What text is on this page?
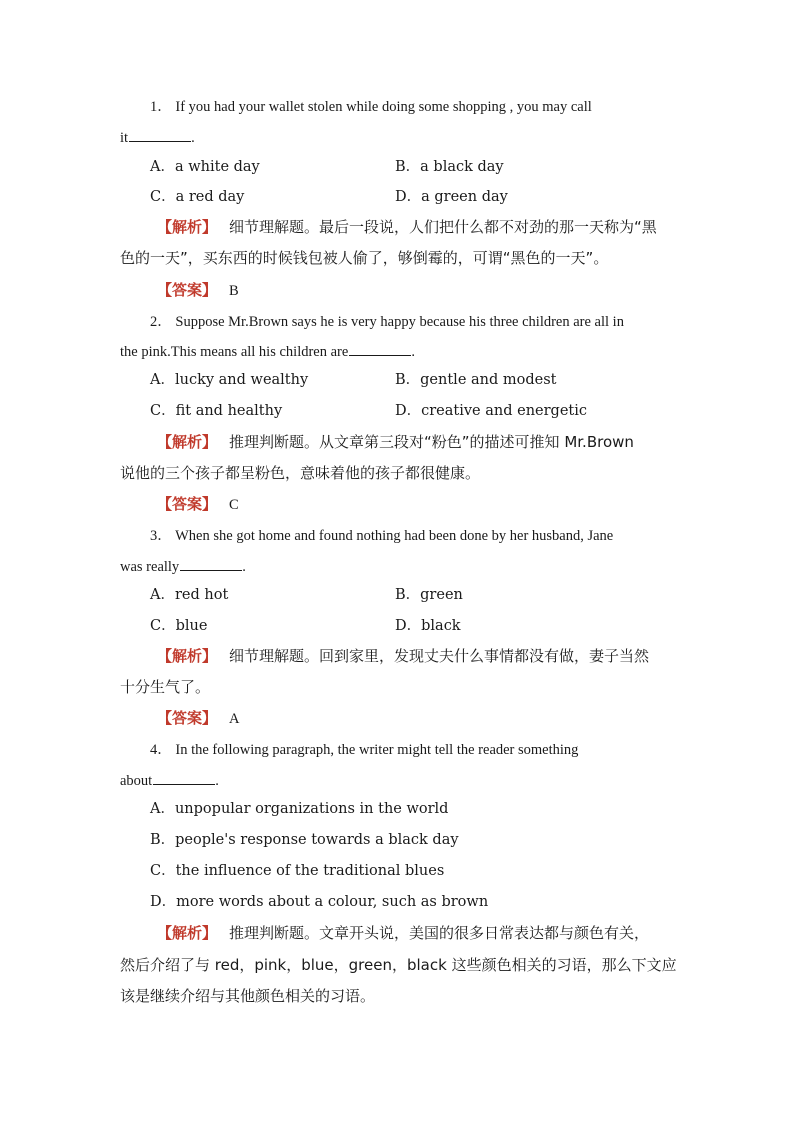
1． If you had your wallet stolen while doing some shopping , you may call
it	.
A．a white day	B．a black day
C．a red day	D．a green day
【解析】 细节理解题。最后一段说，人们把什么都不对劲的那一天称为“黑
色的一天”，买东西的时候钱包被人偷了，够倒霉的，可谓“黑色的一天”。
【答案】 B
2． Suppose Mr.Brown says he is very happy because his three children are all in
the pink.This means all his children are	.
A．lucky and wealthy	B．gentle and modest
C．fit and healthy	D．creative and energetic
【解析】 推理判断题。从文章第三段对“粉色”的描述可推知 Mr.Brown
说他的三个孩子都呈粉色，意味着他的孩子都很健康。
【答案】 C
3． When she got home and found nothing had been done by her husband, Jane
was really	.
A．red hot	B．green
C．blue	D．black
【解析】 细节理解题。回到家里，发现丈夫什么事情都没有做，妻子当然
十分生气了。
【答案】 A
4． In the following paragraph, the writer might tell the reader something
about	.
A．unpopular organizations in the world
B．people's response towards a black day
C．the influence of the traditional blues
D．more words about a colour, such as brown
【解析】 推理判断题。文章开头说，美国的很多日常表达都与颜色有关，
然后介绍了与 red，pink，blue，green，black 这些颜色相关的习语，那么下文应
该是继续介绍与其他颜色相关的习语。
